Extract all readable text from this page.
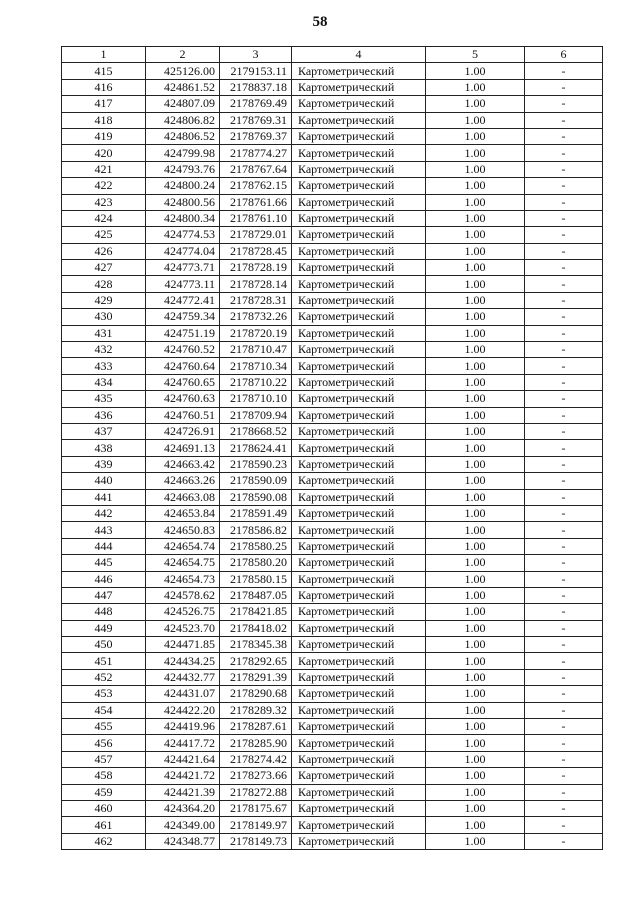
58
1	2	3	4	5	6
415	425126.00	2179153.11	Картометрический	1.00	-
416	424861.52	2178837.18	Картометрический	1.00	-
417	424807.09	2178769.49	Картометрический	1.00	-
418	424806.82	2178769.31	Картометрический	1.00	-
419	424806.52	2178769.37	Картометрический	1.00	-
420	424799.98	2178774.27	Картометрический	1.00	-
421	424793.76	2178767.64	Картометрический	1.00	-
422	424800.24	2178762.15	Картометрический	1.00	-
423	424800.56	2178761.66	Картометрический	1.00	-
424	424800.34	2178761.10	Картометрический	1.00	-
425	424774.53	2178729.01	Картометрический	1.00	-
426	424774.04	2178728.45	Картометрический	1.00	-
427	424773.71	2178728.19	Картометрический	1.00	-
428	424773.11	2178728.14	Картометрический	1.00	-
429	424772.41	2178728.31	Картометрический	1.00	-
430	424759.34	2178732.26	Картометрический	1.00	-
431	424751.19	2178720.19	Картометрический	1.00	-
432	424760.52	2178710.47	Картометрический	1.00	-
433	424760.64	2178710.34	Картометрический	1.00	-
434	424760.65	2178710.22	Картометрический	1.00	-
435	424760.63	2178710.10	Картометрический	1.00	-
436	424760.51	2178709.94	Картометрический	1.00	-
437	424726.91	2178668.52	Картометрический	1.00	-
438	424691.13	2178624.41	Картометрический	1.00	-
439	424663.42	2178590.23	Картометрический	1.00	-
440	424663.26	2178590.09	Картометрический	1.00	-
441	424663.08	2178590.08	Картометрический	1.00	-
442	424653.84	2178591.49	Картометрический	1.00	-
443	424650.83	2178586.82	Картометрический	1.00	-
444	424654.74	2178580.25	Картометрический	1.00	-
445	424654.75	2178580.20	Картометрический	1.00	-
446	424654.73	2178580.15	Картометрический	1.00	-
447	424578.62	2178487.05	Картометрический	1.00	-
448	424526.75	2178421.85	Картометрический	1.00	-
449	424523.70	2178418.02	Картометрический	1.00	-
450	424471.85	2178345.38	Картометрический	1.00	-
451	424434.25	2178292.65	Картометрический	1.00	-
452	424432.77	2178291.39	Картометрический	1.00	-
453	424431.07	2178290.68	Картометрический	1.00	-
454	424422.20	2178289.32	Картометрический	1.00	-
455	424419.96	2178287.61	Картометрический	1.00	-
456	424417.72	2178285.90	Картометрический	1.00	-
457	424421.64	2178274.42	Картометрический	1.00	-
458	424421.72	2178273.66	Картометрический	1.00	-
459	424421.39	2178272.88	Картометрический	1.00	-
460	424364.20	2178175.67	Картометрический	1.00	-
461	424349.00	2178149.97	Картометрический	1.00	-
462	424348.77	2178149.73	Картометрический	1.00	-
